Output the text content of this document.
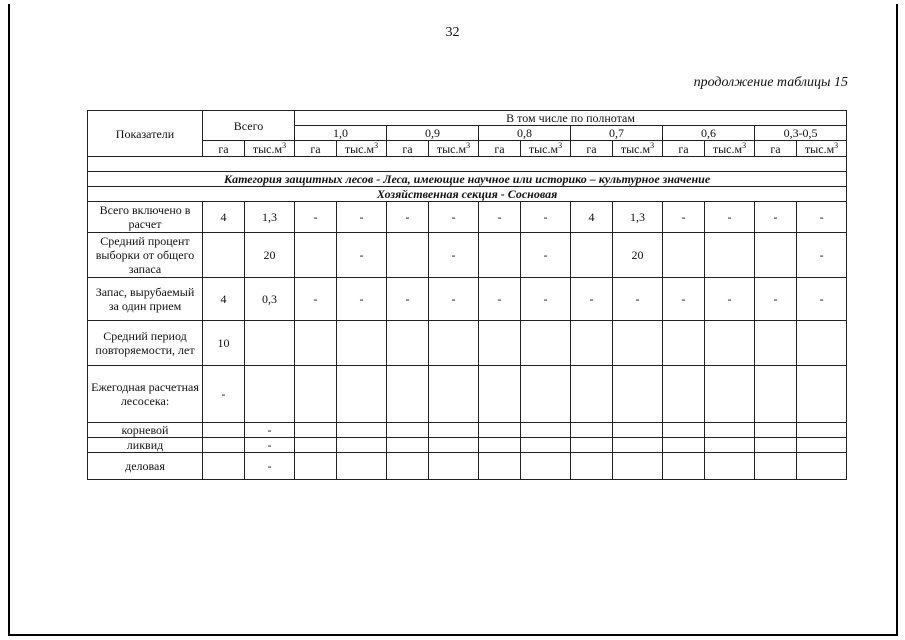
32
продолжение таблицы 15
Показатели	Всего		В том числе по полнотам											
			1,0		0,9		0,8		0,7		0,6		0,3-0,5	
	га	$тыс.м^3$	га	$тыс.м^3$	га	$тыс.м^3$	га	$тыс.м^3$	га	$тыс.м^3$	га	$тыс.м^3$	га	$тыс.м^3$

Категория защитных лесов - Леса, имеющие научное или историко – культурное значение														
Хозяйственная секция - Сосновая														
Всего включено в расчет	4	1,3	-	-	-	-	-	-	4	1,3	-	-	-	-
Средний процент выборки от общего запаса		20		-		-		-		20				-
Запас, вырубаемый за один прием	4	0,3	-	-	-	-	-	-	-	-	-	-	-	-
Средний период повторяемости, лет	10													
Ежегодная расчетная лесосека:	-													
корневой		-												
ликвид		-												
деловая		-												
